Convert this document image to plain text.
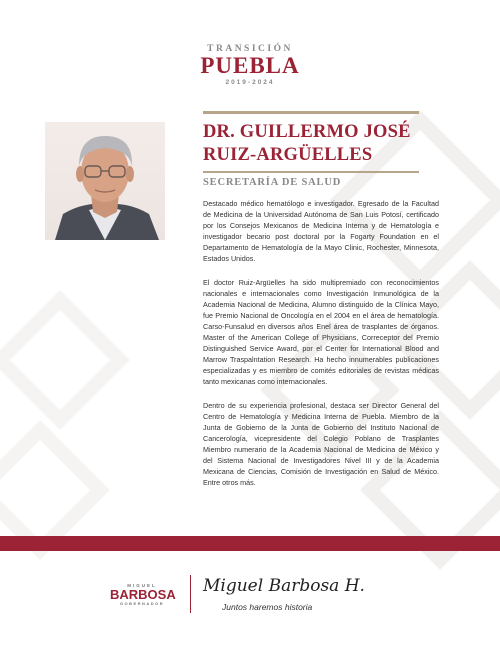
TRANSICIÓN
PUEBLA
2019-2024
DR. GUILLERMO JOSÉ
RUIZ-ARGÜELLES
SECRETARÍA DE SALUD

Destacado médico hematólogo e investigador. Egresado de la Facultad de Medicina de la Universidad Autónoma de San Luis Potosí, certificado por los Consejos Mexicanos de Medicina Interna y de Hematología e investigador becario post doctoral por la Fogarty Foundation en el Departamento de Hematología de la Mayo Clinic, Rochester, Minnesota, Estados Unidos.

El doctor Ruiz-Argüelles ha sido multipremiado con reconocimientos nacionales e internacionales como Investigación Inmunológica de la Academia Nacional de Medicina, Alumno distinguido de la Clínica Mayo, fue Premio Nacional de Oncología en el 2004 en el área de hematología. Carso-Funsalud en diversos años Enel área de trasplantes de órganos. Master of the American College of Physicians, Correceptor del Premio Distinguished Service Award, por el Center for International Blood and Marrow Traspalntation Research. Ha hecho innumerables publicaciones especializadas y es miembro de comités editoriales de revistas médicas tanto mexicanas como internacionales.

Dentro de su experiencia profesional, destaca ser Director General del Centro de Hematología y Medicina Interna de Puebla. Miembro de la Junta de Gobierno de la Junta de Gobierno del Instituto Nacional de Cancerología, vicepresidente del Colegio Poblano de Trasplantes Miembro numerario de la Academia Nacional de Medicina de México y del Sistema Nacional de Investigadores Nivel III y de la Academia Mexicana de Ciencias, Comisión de Investigación en Salud de México. Entre otros más.

MIGUEL
BARBOSA
GOBERNADOR
Miguel Barbosa H.
Juntos haremos historia
